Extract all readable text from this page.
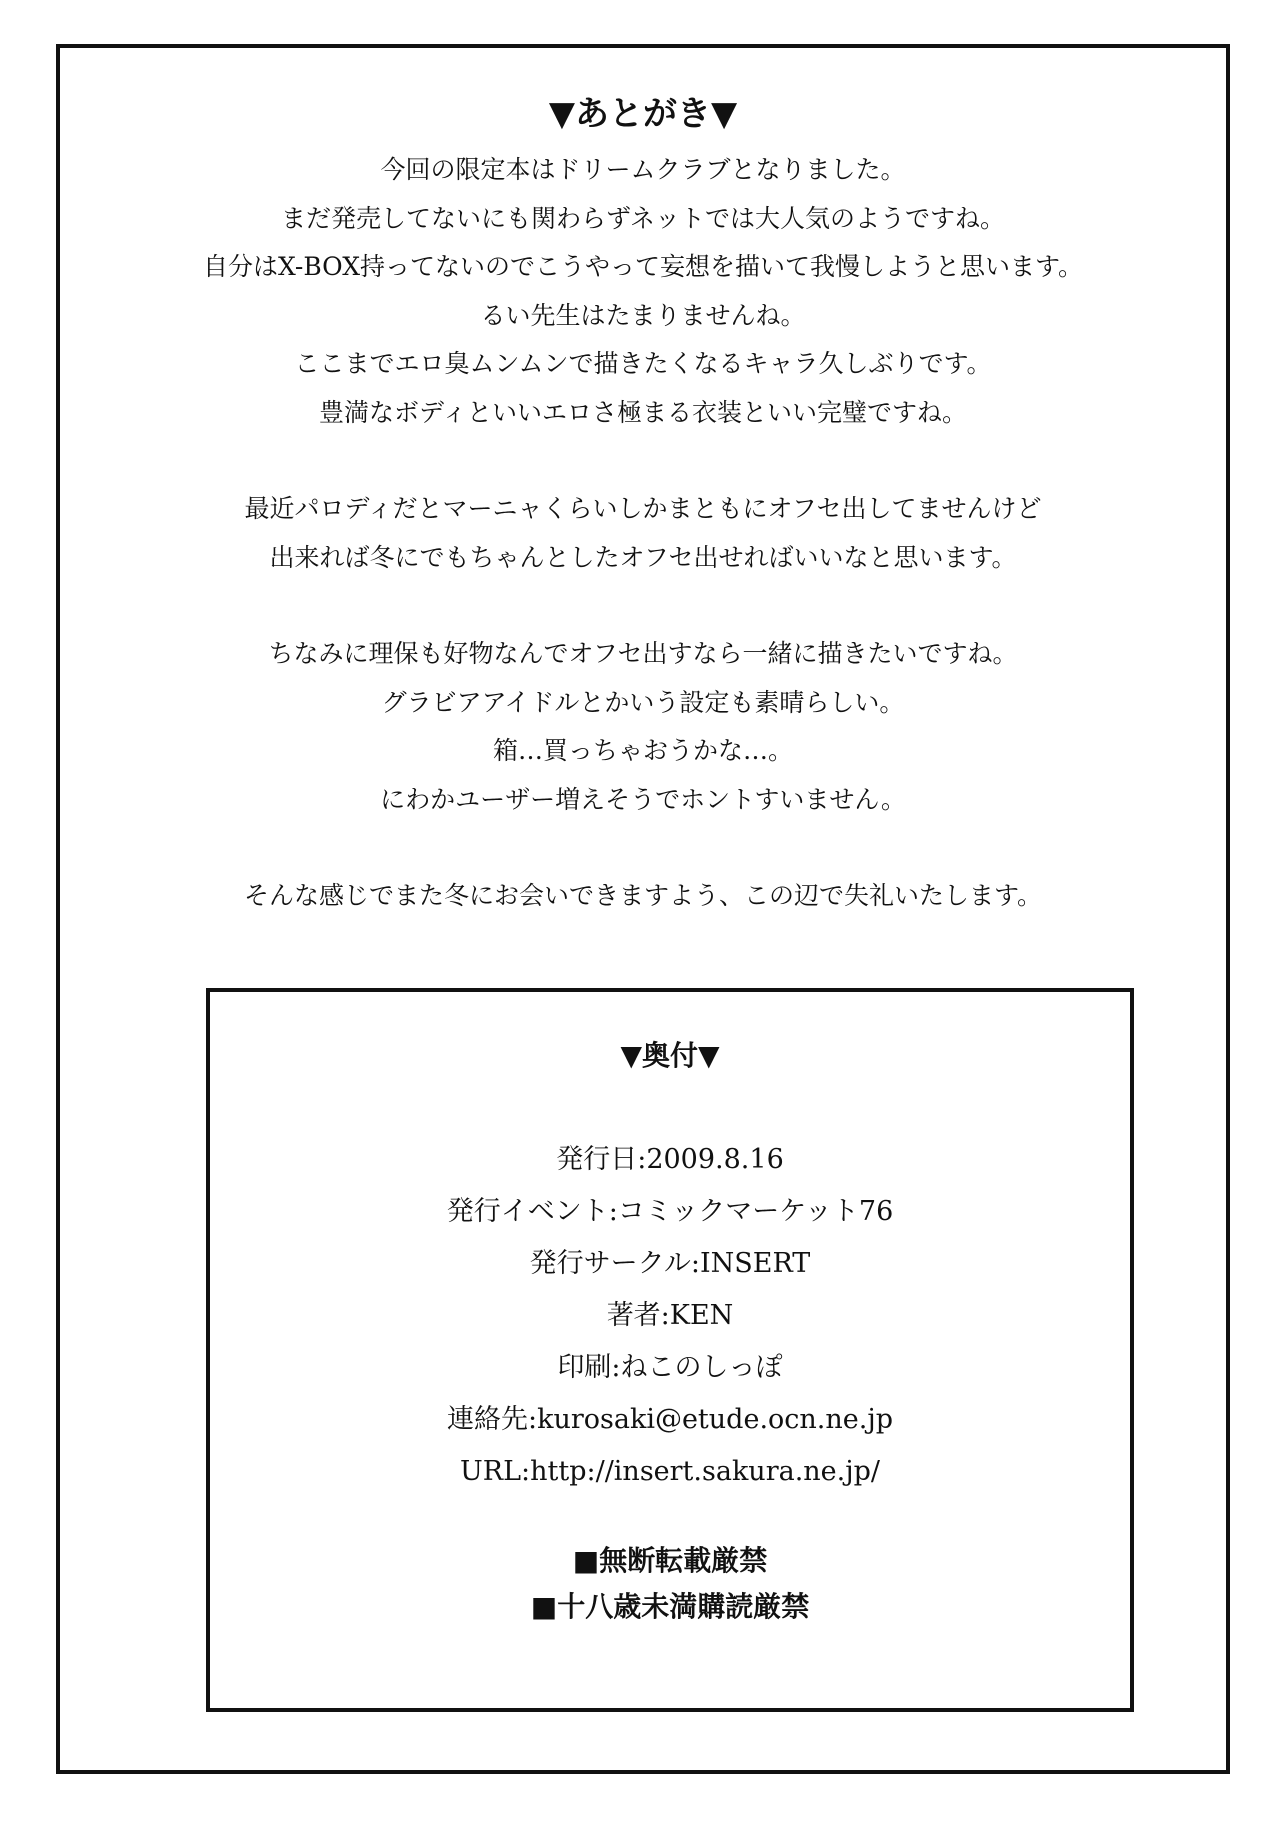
▼あとがき▼

今回の限定本はドリームクラブとなりました。

まだ発売してないにも関わらずネットでは大人気のようですね。

自分はX-BOX持ってないのでこうやって妄想を描いて我慢しようと思います。

るい先生はたまりませんね。

ここまでエロ臭ムンムンで描きたくなるキャラ久しぶりです。

豊満なボディといいエロさ極まる衣装といい完璧ですね。

最近パロディだとマーニャくらいしかまともにオフセ出してませんけど

出来れば冬にでもちゃんとしたオフセ出せればいいなと思います。

ちなみに理保も好物なんでオフセ出すなら一緒に描きたいですね。

グラビアアイドルとかいう設定も素晴らしい。

箱…買っちゃおうかな…。

にわかユーザー増えそうでホントすいません。

そんな感じでまた冬にお会いできますよう、この辺で失礼いたします。

▼奥付▼
発行日:2009.8.16
発行イベント:コミックマーケット76
発行サークル:INSERT
著者:KEN
印刷:ねこのしっぽ
連絡先:kurosaki@etude.ocn.ne.jp
URL:http://insert.sakura.ne.jp/
■無断転載厳禁
■十八歳未満購読厳禁
